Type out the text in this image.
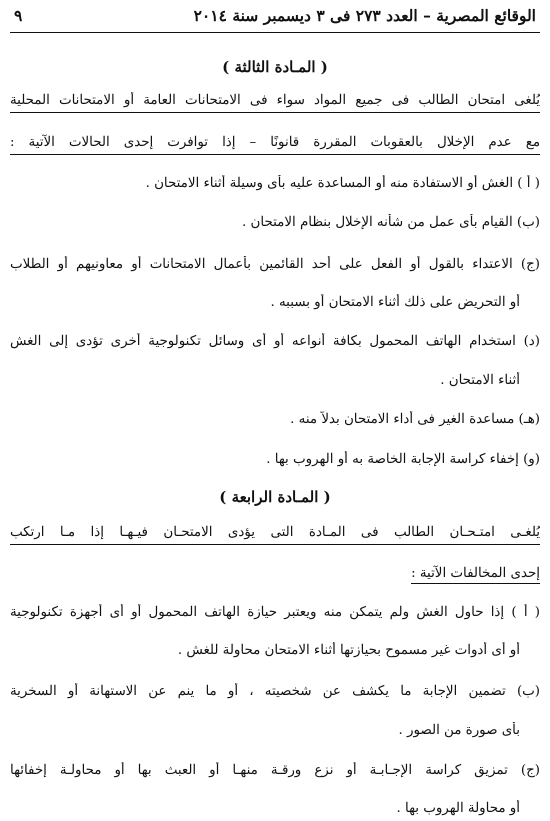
الوقائع المصرية – العدد ٢٧٣ فى ٣ ديسمبر سنة ٢٠١٤
٩
( المـادة الثالثة )
يُلغى امتحان الطالب فى جميع المواد سواء فى الامتحانات العامة أو الامتحانات المحلية
مع عدم الإخلال بالعقوبات المقررة قانونًا – إذا توافرت إحدى الحالات الآتية :
( أ ) الغش أو الاستفادة منه أو المساعدة عليه بأى وسيلة أثناء الامتحان .
(ب) القيام بأى عمل من شأنه الإخلال بنظام الامتحان .
(ج) الاعتداء بالقول أو الفعل على أحد القائمين بأعمال الامتحانات أو معاونيهم أو الطلاب
أو التحريض على ذلك أثناء الامتحان أو بسببه .
(د) استخدام الهاتف المحمول بكافة أنواعه أو أى وسائل تكنولوجية أخرى تؤدى إلى الغش
أثناء الامتحان .
(هـ) مساعدة الغير فى أداء الامتحان بدلاً منه .
(و) إخفاء كراسة الإجابة الخاصة به أو الهروب بها .
( المـادة الرابعة )
يُلغـى امتـحـان الطالب فى المـادة التى يؤدى الامتحـان فيـهـا إذا مـا ارتكب
إحدى المخالفات الآتية :
( أ ) إذا حاول الغش ولم يتمكن منه ويعتبر حيازة الهاتف المحمول أو أى أجهزة تكنولوجية
أو أى أدوات غير مسموح بحيازتها أثناء الامتحان محاولة للغش .
(ب) تضمين الإجابة ما يكشف عن شخصيته ، أو ما ينم عن الاستهانة أو السخرية
بأى صورة من الصور .
(ج) تمزيق كراسة الإجـابـة أو نزع ورقـة منهـا أو العبث بها أو محاولـة إخفائها
أو محاولة الهروب بها .
